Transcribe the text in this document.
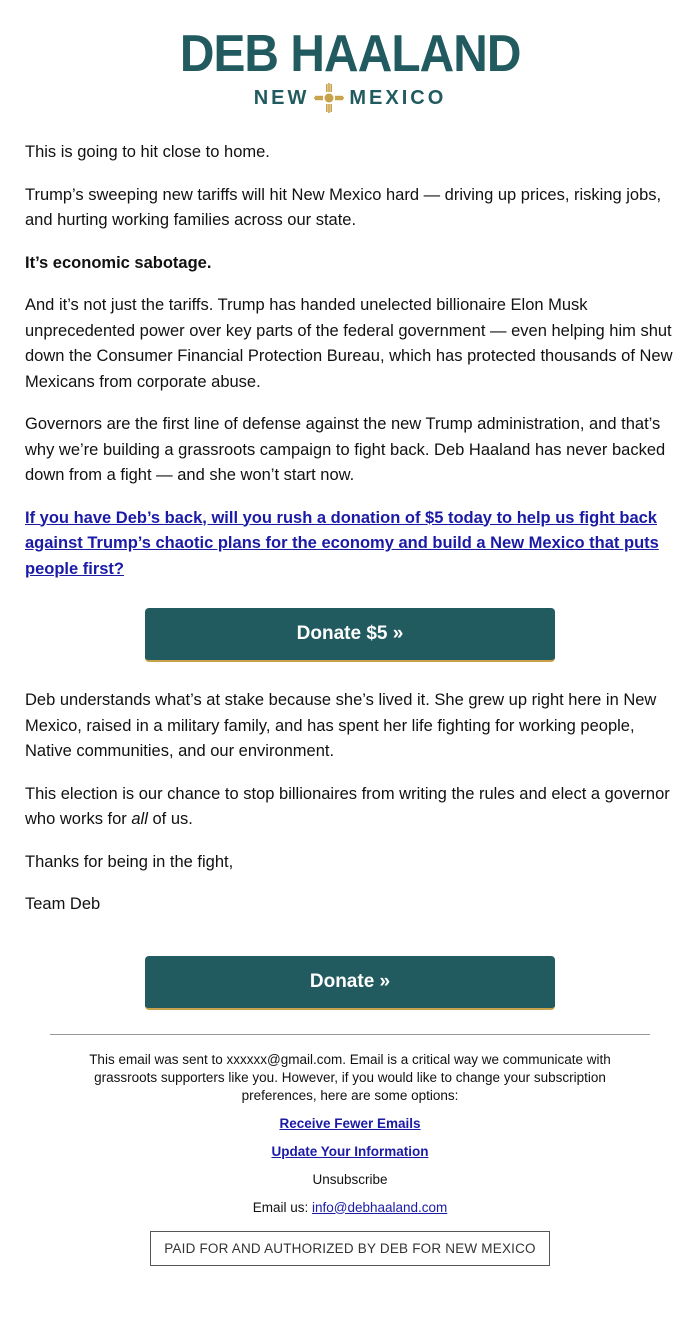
DEB HAALAND
NEW MEXICO

This is going to hit close to home.

Trump’s sweeping new tariffs will hit New Mexico hard — driving up prices, risking jobs, and hurting working families across our state.

It’s economic sabotage.

And it’s not just the tariffs. Trump has handed unelected billionaire Elon Musk unprecedented power over key parts of the federal government — even helping him shut down the Consumer Financial Protection Bureau, which has protected thousands of New Mexicans from corporate abuse.

Governors are the first line of defense against the new Trump administration, and that’s why we’re building a grassroots campaign to fight back. Deb Haaland has never backed down from a fight — and she won’t start now.

If you have Deb’s back, will you rush a donation of $5 today to help us fight back against Trump’s chaotic plans for the economy and build a New Mexico that puts people first?

Donate $5 »

Deb understands what’s at stake because she’s lived it. She grew up right here in New Mexico, raised in a military family, and has spent her life fighting for working people, Native communities, and our environment.

This election is our chance to stop billionaires from writing the rules and elect a governor who works for all of us.

Thanks for being in the fight,

Team Deb

Donate »

This email was sent to xxxxxx@gmail.com. Email is a critical way we communicate with grassroots supporters like you. However, if you would like to change your subscription preferences, here are some options:

Receive Fewer Emails

Update Your Information

Unsubscribe

Email us: info@debhaaland.com

PAID FOR AND AUTHORIZED BY DEB FOR NEW MEXICO
